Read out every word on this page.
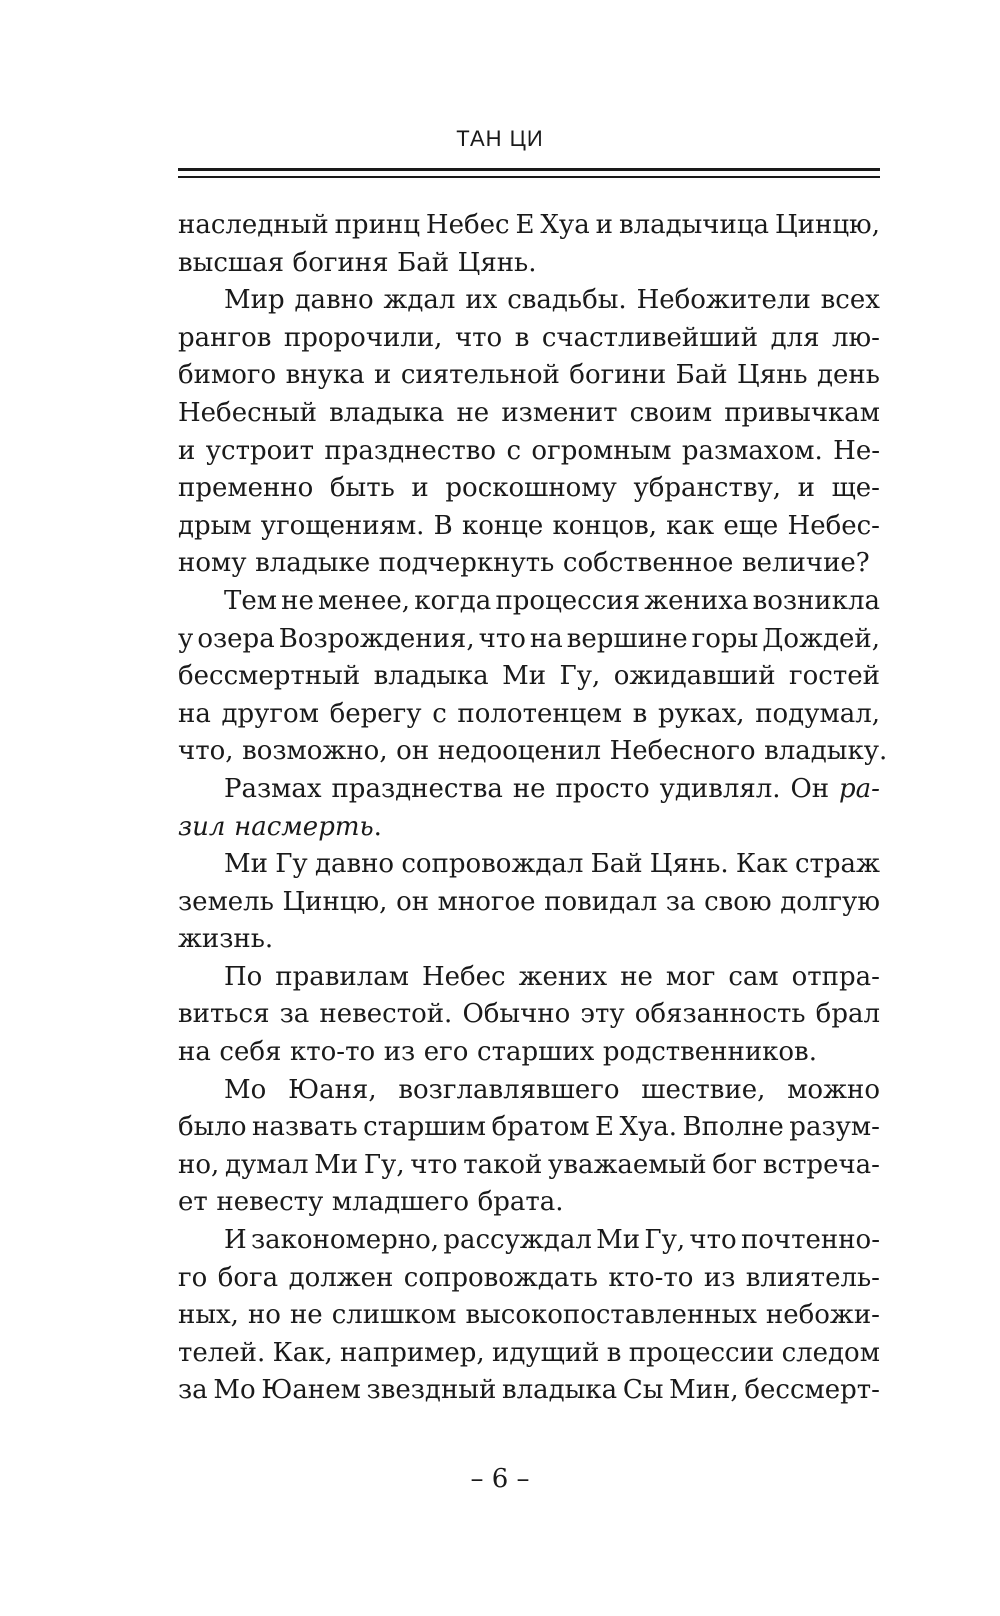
ТАН ЦИ
наследный принц Небес Е Хуа и владычица Цинцю,
высшая богиня Бай Цянь.
Мир давно ждал их свадьбы. Небожители всех
рангов пророчили, что в счастливейший для лю-
бимого внука и сиятельной богини Бай Цянь день
Небесный владыка не изменит своим привычкам
и устроит празднество с огромным размахом. Не-
пременно быть и роскошному убранству, и ще-
дрым угощениям. В конце концов, как еще Небес-
ному владыке подчеркнуть собственное величие?
Тем не менее, когда процессия жениха возникла
у озера Возрождения, что на вершине горы Дождей,
бессмертный владыка Ми Гу, ожидавший гостей
на другом берегу с полотенцем в руках, подумал,
что, возможно, он недооценил Небесного владыку.
Размах празднества не просто удивлял. Он ра-
зил насмерть.
Ми Гу давно сопровождал Бай Цянь. Как страж
земель Цинцю, он многое повидал за свою долгую
жизнь.
По правилам Небес жених не мог сам отпра-
виться за невестой. Обычно эту обязанность брал
на себя кто-то из его старших родственников.
Мо Юаня, возглавлявшего шествие, можно
было назвать старшим братом Е Хуа. Вполне разум-
но, думал Ми Гу, что такой уважаемый бог встреча-
ет невесту младшего брата.
И закономерно, рассуждал Ми Гу, что почтенно-
го бога должен сопровождать кто-то из влиятель-
ных, но не слишком высокопоставленных небожи-
телей. Как, например, идущий в процессии следом
за Мо Юанем звездный владыка Сы Мин, бессмерт-
– 6 –
